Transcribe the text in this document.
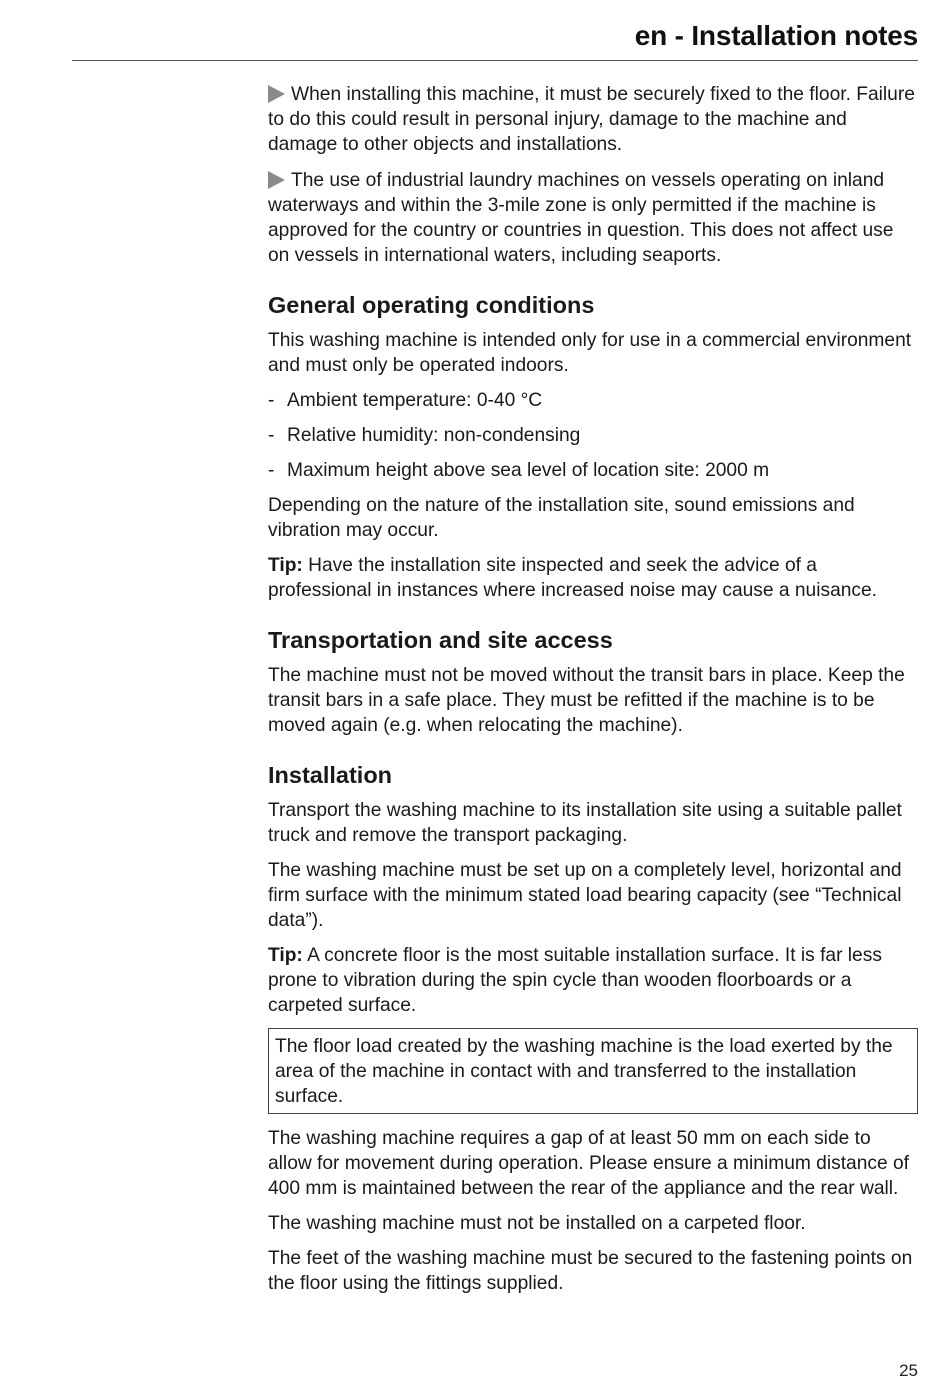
en - Installation notes

When installing this machine, it must be securely fixed to the floor. Failure to do this could result in personal injury, damage to the machine and damage to other objects and installations.

The use of industrial laundry machines on vessels operating on inland waterways and within the 3-mile zone is only permitted if the machine is approved for the country or countries in question. This does not affect use on vessels in international waters, including seaports.

General operating conditions

This washing machine is intended only for use in a commercial environment and must only be operated indoors.

- Ambient temperature: 0-40 °C
- Relative humidity: non-condensing
- Maximum height above sea level of location site: 2000 m

Depending on the nature of the installation site, sound emissions and vibration may occur.

Tip: Have the installation site inspected and seek the advice of a professional in instances where increased noise may cause a nuisance.

Transportation and site access

The machine must not be moved without the transit bars in place. Keep the transit bars in a safe place. They must be refitted if the machine is to be moved again (e.g. when relocating the machine).

Installation

Transport the washing machine to its installation site using a suitable pallet truck and remove the transport packaging.

The washing machine must be set up on a completely level, horizontal and firm surface with the minimum stated load bearing capacity (see “Technical data”).

Tip: A concrete floor is the most suitable installation surface. It is far less prone to vibration during the spin cycle than wooden floorboards or a carpeted surface.

The floor load created by the washing machine is the load exerted by the area of the machine in contact with and transferred to the installation surface.

The washing machine requires a gap of at least 50 mm on each side to allow for movement during operation. Please ensure a minimum distance of 400 mm is maintained between the rear of the appliance and the rear wall.

The washing machine must not be installed on a carpeted floor.

The feet of the washing machine must be secured to the fastening points on the floor using the fittings supplied.

25
